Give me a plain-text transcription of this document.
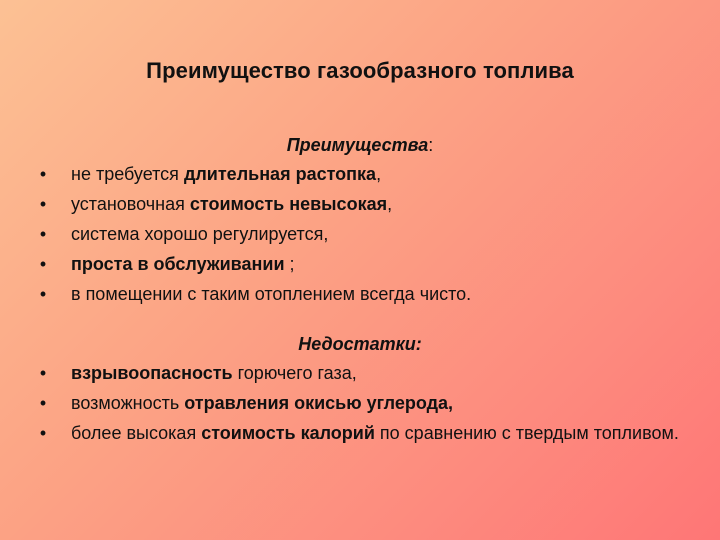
Преимущество газообразного топлива
Преимущества:
• не требуется длительная растопка,
• установочная стоимость невысокая,
• система хорошо регулируется,
• проста в обслуживании ;
• в помещении с таким отоплением всегда чисто.
Недостатки:
• взрывоопасность горючего газа,
• возможность отравления окисью углерода,
• более высокая стоимость калорий по сравнению с твердым топливом.
